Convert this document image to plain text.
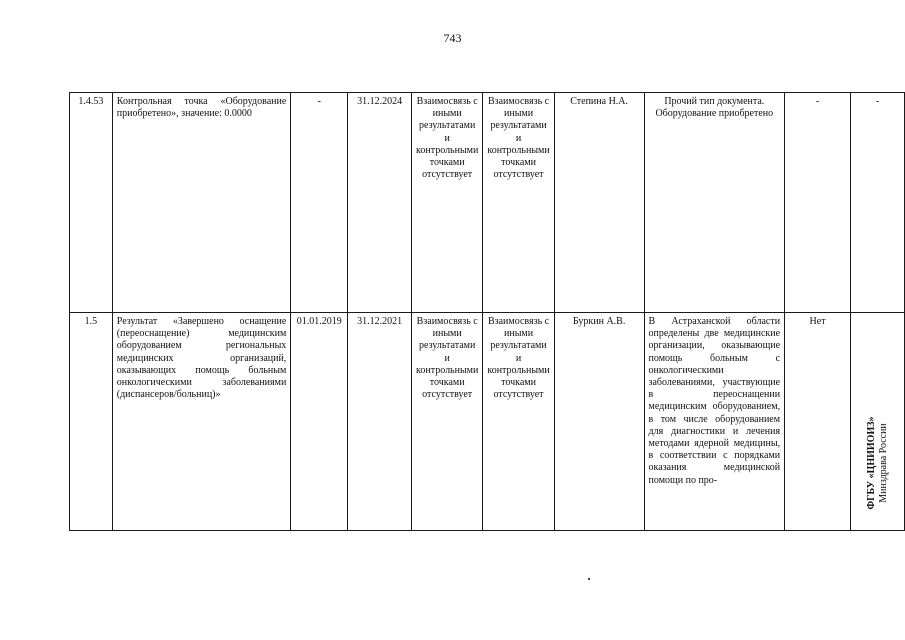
743
1.4.53	Контрольная точка «Оборудование приобретено», значение: 0.0000	-	31.12.2024	Взаимосвязь с иными результатами и контрольными точками отсутствует	Взаимосвязь с иными результатами и контрольными точками отсутствует	Степина Н.А.	Прочий тип документа. Оборудование приобретено	-	-
1.5	Результат «Завершено оснащение (переоснащение) медицинским оборудованием региональных медицинских организаций, оказывающих помощь больным онкологическими заболеваниями (диспансеров/больниц)»	01.01.2019	31.12.2021	Взаимосвязь с иными результатами и контрольными точками отсутствует	Взаимосвязь с иными результатами и контрольными точками отсутствует	Буркин А.В.	В Астраханской области определены две медицинские организации, оказывающие помощь больным с онкологическими заболеваниями, участвующие в переоснащении медицинским оборудованием, в том числе оборудованием для диагностики и лечения методами ядерной медицины, в соответствии с порядками оказания медицинской помощи по про-	Нет	ФГБУ «ЦНИИОИЗ» Минздрава России
